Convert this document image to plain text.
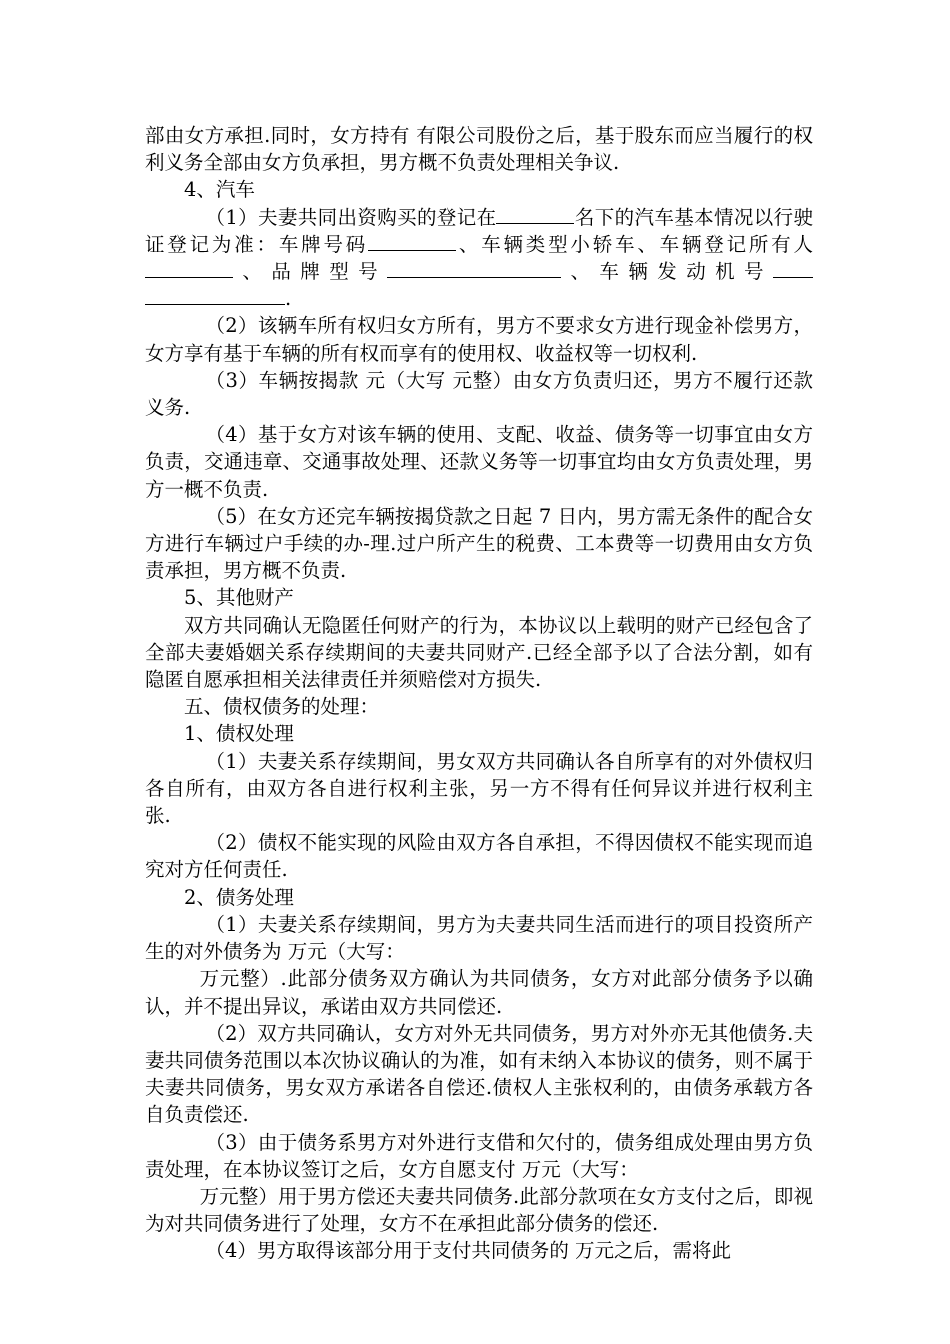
部由女方承担.同时，女方持有 有限公司股份之后，基于股东而应当履行的权利义务全部由女方负承担，男方概不负责处理相关争议.

4、汽车

（1）夫妻共同出资购买的登记在	名下的汽车基本情况以行驶证登记为准：车牌号码	、车辆类型小轿车、车辆登记所有人、品牌型号	、车辆发动机号.

（2）该辆车所有权归女方所有，男方不要求女方进行现金补偿男方，女方享有基于车辆的所有权而享有的使用权、收益权等一切权利.

（3）车辆按揭款 元（大写 元整）由女方负责归还，男方不履行还款义务.

（4）基于女方对该车辆的使用、支配、收益、债务等一切事宜由女方负责，交通违章、交通事故处理、还款义务等一切事宜均由女方负责处理，男方一概不负责.

（5）在女方还完车辆按揭贷款之日起 7 日内，男方需无条件的配合女方进行车辆过户手续的办-理.过户所产生的税费、工本费等一切费用由女方负责承担，男方概不负责.

5、其他财产

双方共同确认无隐匿任何财产的行为，本协议以上载明的财产已经包含了全部夫妻婚姻关系存续期间的夫妻共同财产.已经全部予以了合法分割，如有隐匿自愿承担相关法律责任并须赔偿对方损失.

五、债权债务的处理：

1、债权处理

（1）夫妻关系存续期间，男女双方共同确认各自所享有的对外债权归各自所有，由双方各自进行权利主张，另一方不得有任何异议并进行权利主张.

（2）债权不能实现的风险由双方各自承担，不得因债权不能实现而追究对方任何责任.

2、债务处理

（1）夫妻关系存续期间，男方为夫妻共同生活而进行的项目投资所产生的对外债务为 万元（大写：

万元整）.此部分债务双方确认为共同债务，女方对此部分债务予以确认，并不提出异议，承诺由双方共同偿还.

（2）双方共同确认，女方对外无共同债务，男方对外亦无其他债务.夫妻共同债务范围以本次协议确认的为准，如有未纳入本协议的债务，则不属于夫妻共同债务，男女双方承诺各自偿还.债权人主张权利的，由债务承载方各自负责偿还.

（3）由于债务系男方对外进行支借和欠付的，债务组成处理由男方负责处理，在本协议签订之后，女方自愿支付 万元（大写：

万元整）用于男方偿还夫妻共同债务.此部分款项在女方支付之后，即视为对共同债务进行了处理，女方不在承担此部分债务的偿还.

（4）男方取得该部分用于支付共同债务的 万元之后，需将此
